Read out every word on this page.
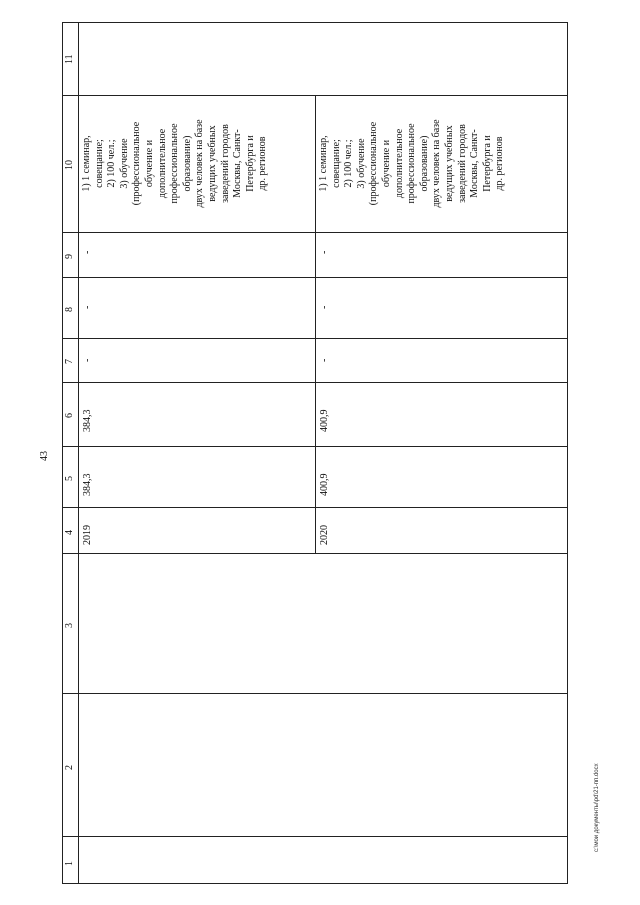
43
11
10
9
8
7
6
5
4
3
2
1
2019
384,3
384,3
-
-
-
1) 1 семинар, совещание; 2) 100 чел.; 3) обучение (профессиональное обучение и дополнительное профессиональное образование) двух человек на базе ведущих учебных заведений городов Москвы, Санкт- Петербурга и др. регионов
2020
400,9
400,9
-
-
-
1) 1 семинар, совещание; 2) 100 чел.; 3) обучение (профессиональное обучение и дополнительное профессиональное образование) двух человек на базе ведущих учебных заведений городов Москвы, Санкт- Петербурга и др. регионов
c:\мои документы\pd\21-пп.docx
